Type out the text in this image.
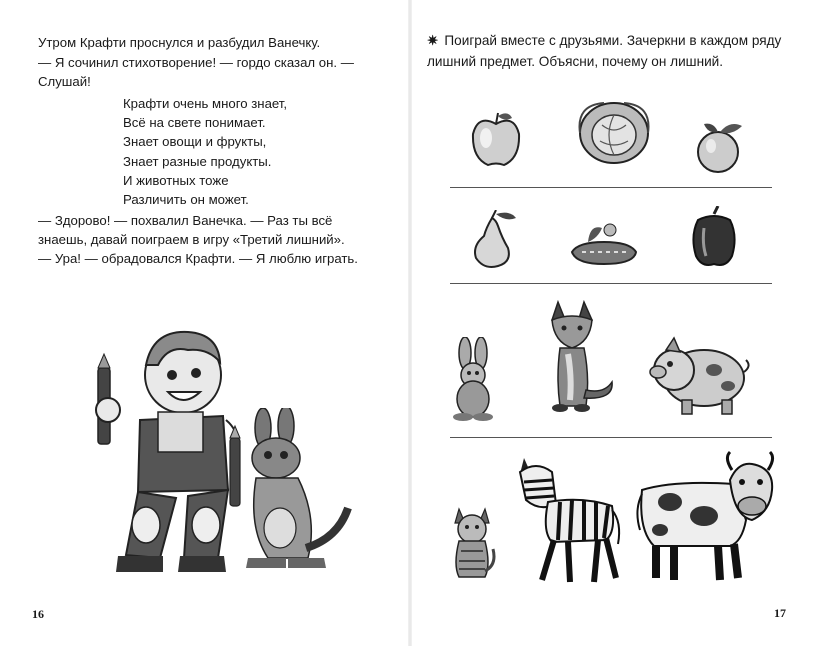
Утром Крафти проснулся и разбудил Ванечку.
— Я сочинил стихотворение! — гордо сказал он. —
Слушай!
Крафти очень много знает,
Всё на свете понимает.
Знает овощи и фрукты,
Знает разные продукты.
И животных тоже
Различить он может.
— Здорово! — похвалил Ванечка. — Раз ты всё
знаешь, давай поиграем в игру «Третий лишний».
— Ура! — обрадовался Крафти. — Я люблю играть.
16
✷ Поиграй вместе с друзьями. Зачеркни в каждом ряду лишний предмет. Объясни, почему он лишний.
17
